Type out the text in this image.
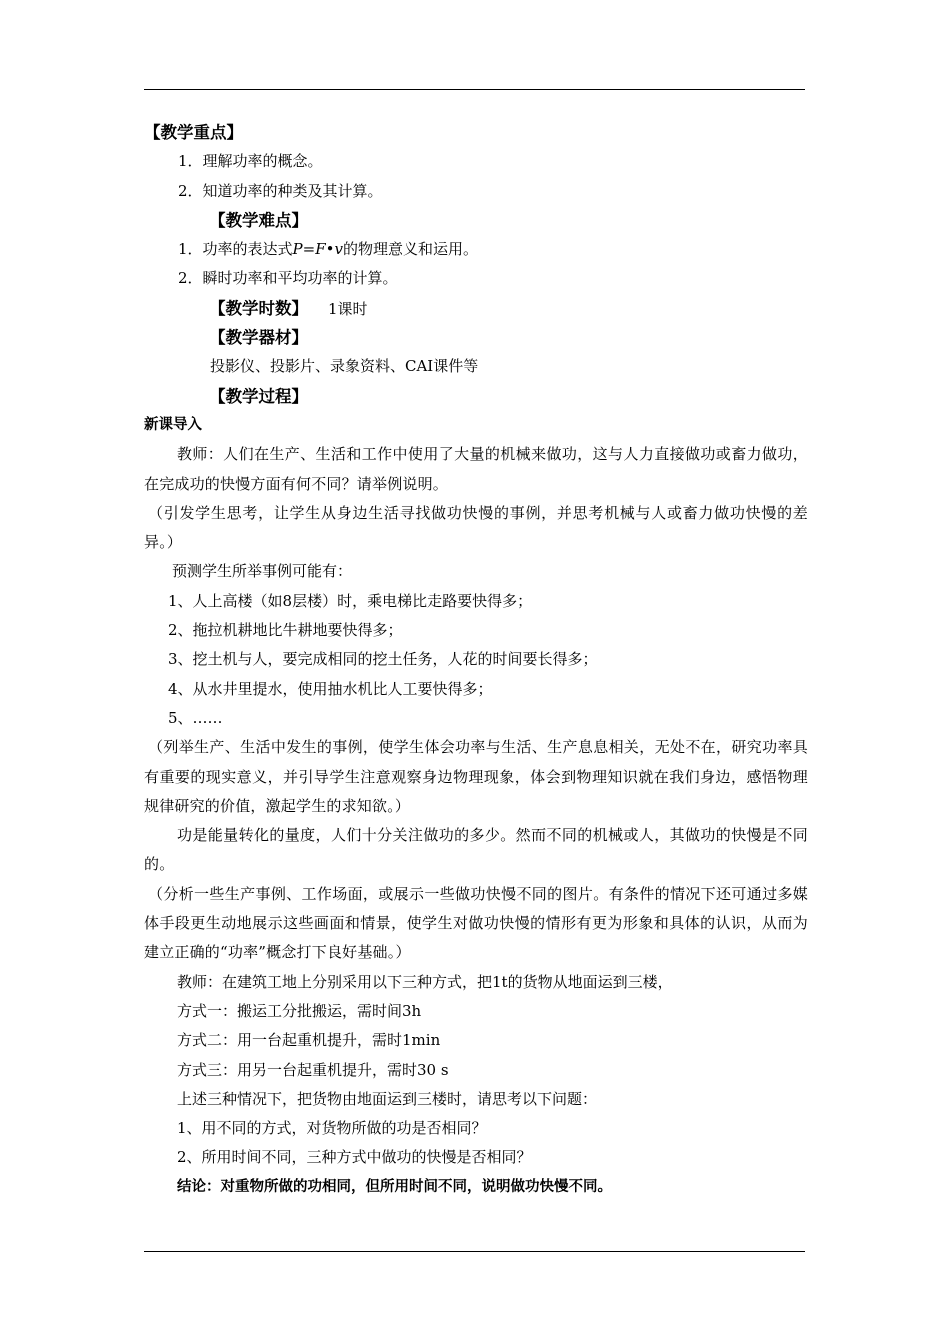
【教学重点】
1．理解功率的概念。
2．知道功率的种类及其计算。
【教学难点】
1．功率的表达式P=F•v的物理意义和运用。
2．瞬时功率和平均功率的计算。
【教学时数】 1课时
【教学器材】
投影仪、投影片、录象资料、CAI课件等
【教学过程】
新课导入
教师：人们在生产、生活和工作中使用了大量的机械来做功，这与人力直接做功或畜力做功，在完成功的快慢方面有何不同？请举例说明。
（引发学生思考，让学生从身边生活寻找做功快慢的事例，并思考机械与人或畜力做功快慢的差异。）
预测学生所举事例可能有：
1、人上高楼（如8层楼）时，乘电梯比走路要快得多；
2、拖拉机耕地比牛耕地要快得多；
3、挖土机与人，要完成相同的挖土任务，人花的时间要长得多；
4、从水井里提水，使用抽水机比人工要快得多；
5、……
（列举生产、生活中发生的事例，使学生体会功率与生活、生产息息相关，无处不在，研究功率具有重要的现实意义，并引导学生注意观察身边物理现象，体会到物理知识就在我们身边，感悟物理规律研究的价值，激起学生的求知欲。）
功是能量转化的量度，人们十分关注做功的多少。然而不同的机械或人，其做功的快慢是不同的。
（分析一些生产事例、工作场面，或展示一些做功快慢不同的图片。有条件的情况下还可通过多媒体手段更生动地展示这些画面和情景，使学生对做功快慢的情形有更为形象和具体的认识，从而为建立正确的“功率”概念打下良好基础。）
教师：在建筑工地上分别采用以下三种方式，把1t的货物从地面运到三楼，
方式一：搬运工分批搬运，需时间3h
方式二：用一台起重机提升，需时1min
方式三：用另一台起重机提升，需时30 s
上述三种情况下，把货物由地面运到三楼时，请思考以下问题：
1、用不同的方式，对货物所做的功是否相同？
2、所用时间不同，三种方式中做功的快慢是否相同？
结论：对重物所做的功相同，但所用时间不同，说明做功快慢不同。
